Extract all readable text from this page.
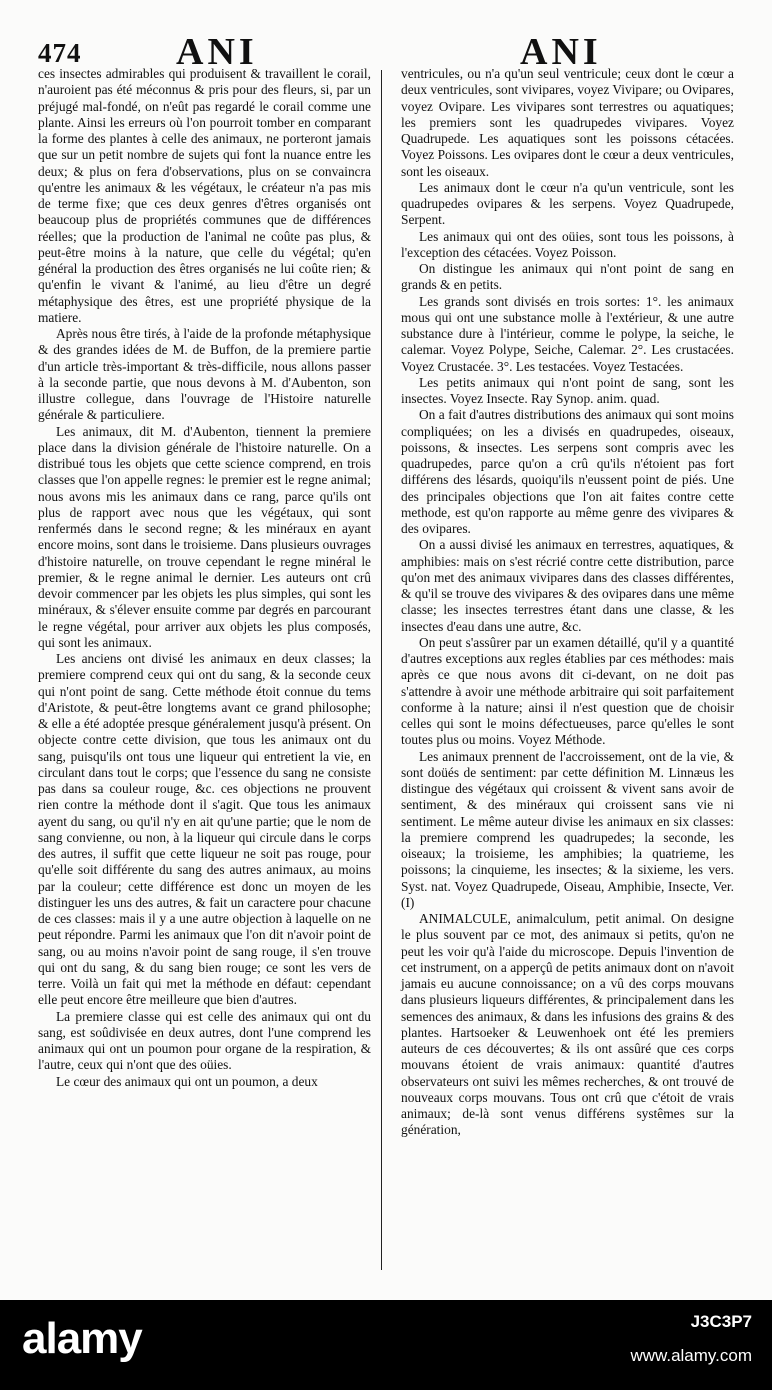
474 ANI	ANI

ces insectes admirables qui produisent & travaillent le corail, n'auroient pas été méconnus & pris pour des fleurs, si, par un préjugé mal-fondé, on n'eût pas regardé le corail comme une plante. Ainsi les erreurs où l'on pourroit tomber en comparant la forme des plantes à celle des animaux, ne porteront jamais que sur un petit nombre de sujets qui font la nuance entre les deux; & plus on fera d'observations, plus on se convaincra qu'entre les animaux & les végétaux, le créateur n'a pas mis de terme fixe; que ces deux genres d'êtres organisés ont beaucoup plus de propriétés communes que de différences réelles; que la production de l'animal ne coûte pas plus, & peut-être moins à la nature, que celle du végétal; qu'en général la production des êtres organisés ne lui coûte rien; & qu'enfin le vivant & l'animé, au lieu d'être un degré métaphysique des êtres, est une propriété physique de la matiere.

Après nous être tirés, à l'aide de la profonde métaphysique & des grandes idées de M. de Buffon, de la premiere partie d'un article très-important & très-difficile, nous allons passer à la seconde partie, que nous devons à M. d'Aubenton, son illustre collegue, dans l'ouvrage de l'Histoire naturelle générale & particuliere.

Les animaux, dit M. d'Aubenton, tiennent la premiere place dans la division générale de l'histoire naturelle. On a distribué tous les objets que cette science comprend, en trois classes que l'on appelle regnes: le premier est le regne animal; nous avons mis les animaux dans ce rang, parce qu'ils ont plus de rapport avec nous que les végétaux, qui sont renfermés dans le second regne; & les minéraux en ayant encore moins, sont dans le troisieme. Dans plusieurs ouvrages d'histoire naturelle, on trouve cependant le regne minéral le premier, & le regne animal le dernier. Les auteurs ont crû devoir commencer par les objets les plus simples, qui sont les minéraux, & s'élever ensuite comme par degrés en parcourant le regne végétal, pour arriver aux objets les plus composés, qui sont les animaux.

Les anciens ont divisé les animaux en deux classes; la premiere comprend ceux qui ont du sang, & la seconde ceux qui n'ont point de sang. Cette méthode étoit connue du tems d'Aristote, & peut-être longtems avant ce grand philosophe; & elle a été adoptée presque généralement jusqu'à présent. On objecte contre cette division, que tous les animaux ont du sang, puisqu'ils ont tous une liqueur qui entretient la vie, en circulant dans tout le corps; que l'essence du sang ne consiste pas dans sa couleur rouge, &c. ces objections ne prouvent rien contre la méthode dont il s'agit. Que tous les animaux ayent du sang, ou qu'il n'y en ait qu'une partie; que le nom de sang convienne, ou non, à la liqueur qui circule dans le corps des autres, il suffit que cette liqueur ne soit pas rouge, pour qu'elle soit différente du sang des autres animaux, au moins par la couleur; cette différence est donc un moyen de les distinguer les uns des autres, & fait un caractere pour chacune de ces classes: mais il y a une autre objection à laquelle on ne peut répondre. Parmi les animaux que l'on dit n'avoir point de sang, ou au moins n'avoir point de sang rouge, il s'en trouve qui ont du sang, & du sang bien rouge; ce sont les vers de terre. Voilà un fait qui met la méthode en défaut: cependant elle peut encore être meilleure que bien d'autres.

La premiere classe qui est celle des animaux qui ont du sang, est soûdivisée en deux autres, dont l'une comprend les animaux qui ont un poumon pour organe de la respiration, & l'autre, ceux qui n'ont que des oüies.

Le cœur des animaux qui ont un poumon, a deux

ventricules, ou n'a qu'un seul ventricule; ceux dont le cœur a deux ventricules, sont vivipares, voyez Vivipare; ou Ovipares, voyez Ovipare. Les vivipares sont terrestres ou aquatiques; les premiers sont les quadrupedes vivipares. Voyez Quadrupede. Les aquatiques sont les poissons cétacées. Voyez Poissons. Les ovipares dont le cœur a deux ventricules, sont les oiseaux.

Les animaux dont le cœur n'a qu'un ventricule, sont les quadrupedes ovipares & les serpens. Voyez Quadrupede, Serpent.

Les animaux qui ont des oüies, sont tous les poissons, à l'exception des cétacées. Voyez Poisson.

On distingue les animaux qui n'ont point de sang en grands & en petits.

Les grands sont divisés en trois sortes: 1°. les animaux mous qui ont une substance molle à l'extérieur, & une autre substance dure à l'intérieur, comme le polype, la seiche, le calemar. Voyez Polype, Seiche, Calemar. 2°. Les crustacées. Voyez Crustacée. 3°. Les testacées. Voyez Testacées.

Les petits animaux qui n'ont point de sang, sont les insectes. Voyez Insecte. Ray Synop. anim. quad.

On a fait d'autres distributions des animaux qui sont moins compliquées; on les a divisés en quadrupedes, oiseaux, poissons, & insectes. Les serpens sont compris avec les quadrupedes, parce qu'on a crû qu'ils n'étoient pas fort différens des lésards, quoiqu'ils n'eussent point de piés. Une des principales objections que l'on ait faites contre cette methode, est qu'on rapporte au même genre des vivipares & des ovipares.

On a aussi divisé les animaux en terrestres, aquatiques, & amphibies: mais on s'est récrié contre cette distribution, parce qu'on met des animaux vivipares dans des classes différentes, & qu'il se trouve des vivipares & des ovipares dans une même classe; les insectes terrestres étant dans une classe, & les insectes d'eau dans une autre, &c.

On peut s'assûrer par un examen détaillé, qu'il y a quantité d'autres exceptions aux regles établies par ces méthodes: mais après ce que nous avons dit ci-devant, on ne doit pas s'attendre à avoir une méthode arbitraire qui soit parfaitement conforme à la nature; ainsi il n'est question que de choisir celles qui sont le moins défectueuses, parce qu'elles le sont toutes plus ou moins. Voyez Méthode.

Les animaux prennent de l'accroissement, ont de la vie, & sont doüés de sentiment: par cette définition M. Linnæus les distingue des végétaux qui croissent & vivent sans avoir de sentiment, & des minéraux qui croissent sans vie ni sentiment. Le même auteur divise les animaux en six classes: la premiere comprend les quadrupedes; la seconde, les oiseaux; la troisieme, les amphibies; la quatrieme, les poissons; la cinquieme, les insectes; & la sixieme, les vers. Syst. nat. Voyez Quadrupede, Oiseau, Amphibie, Insecte, Ver. (I)

ANIMALCULE, animalculum, petit animal. On designe le plus souvent par ce mot, des animaux si petits, qu'on ne peut les voir qu'à l'aide du microscope. Depuis l'invention de cet instrument, on a apperçû de petits animaux dont on n'avoit jamais eu aucune connoissance; on a vû des corps mouvans dans plusieurs liqueurs différentes, & principalement dans les semences des animaux, & dans les infusions des grains & des plantes. Hartsoeker & Leuwenhoek ont été les premiers auteurs de ces découvertes; & ils ont assûré que ces corps mouvans étoient de vrais animaux: quantité d'autres observateurs ont suivi les mêmes recherches, & ont trouvé de nouveaux corps mouvans. Tous ont crû que c'étoit de vrais animaux; de-là sont venus différens systêmes sur la génération,

alamy	J3C3P7
www.alamy.com
